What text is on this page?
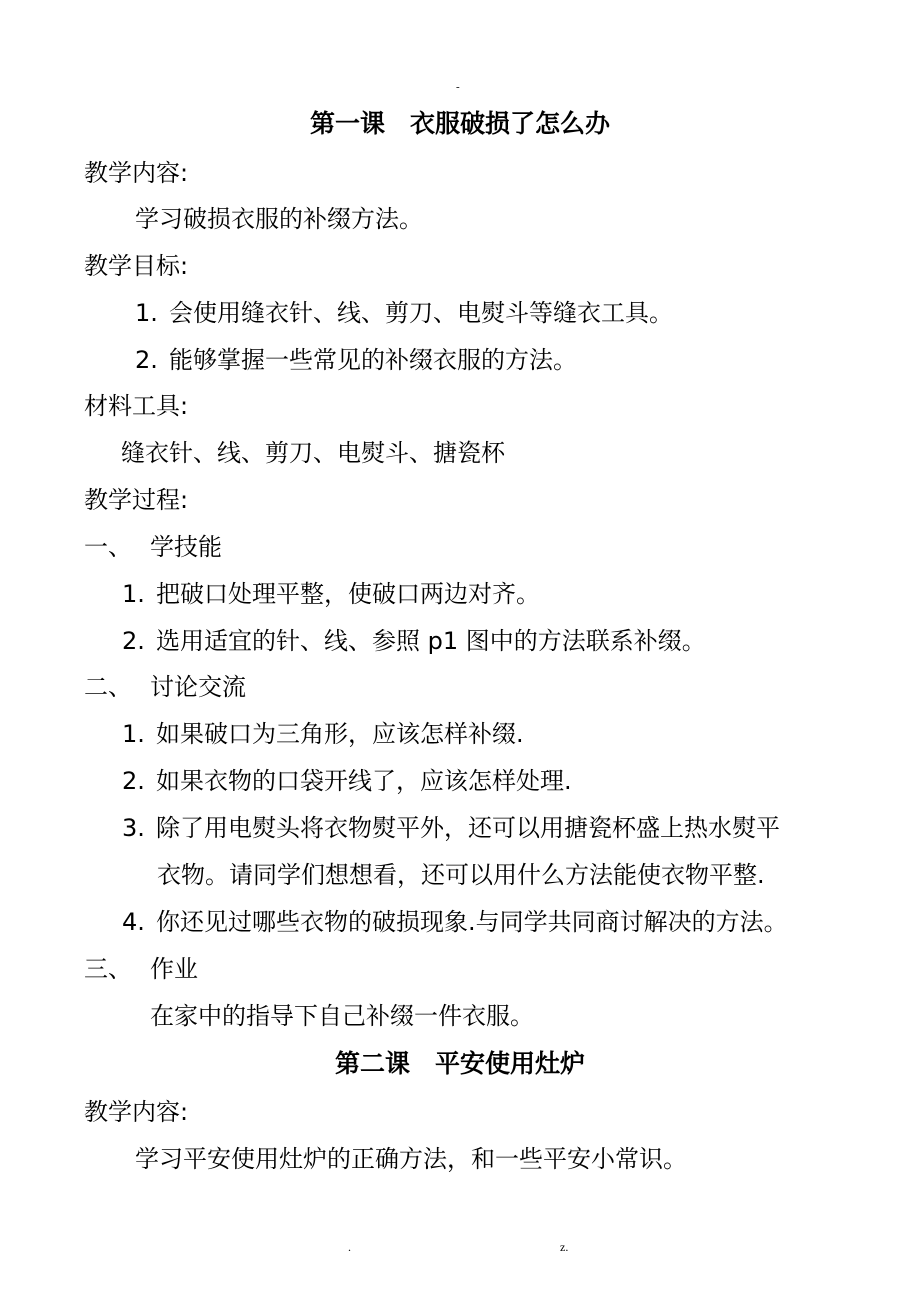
-
第一课　衣服破损了怎么办
教学内容:
学习破损衣服的补缀方法。
教学目标:
1. 会使用缝衣针、线、剪刀、电熨斗等缝衣工具。
2. 能够掌握一些常见的补缀衣服的方法。
材料工具:
缝衣针、线、剪刀、电熨斗、搪瓷杯
教学过程:
一、 学技能
1. 把破口处理平整，使破口两边对齐。
2. 选用适宜的针、线、参照 p1 图中的方法联系补缀。
二、 讨论交流
1. 如果破口为三角形，应该怎样补缀.
2. 如果衣物的口袋开线了，应该怎样处理.
3. 除了用电熨头将衣物熨平外，还可以用搪瓷杯盛上热水熨平
衣物。请同学们想想看，还可以用什么方法能使衣物平整.
4. 你还见过哪些衣物的破损现象.与同学共同商讨解决的方法。
三、 作业
在家中的指导下自己补缀一件衣服。
第二课　平安使用灶炉
教学内容:
学习平安使用灶炉的正确方法，和一些平安小常识。
.	z.
